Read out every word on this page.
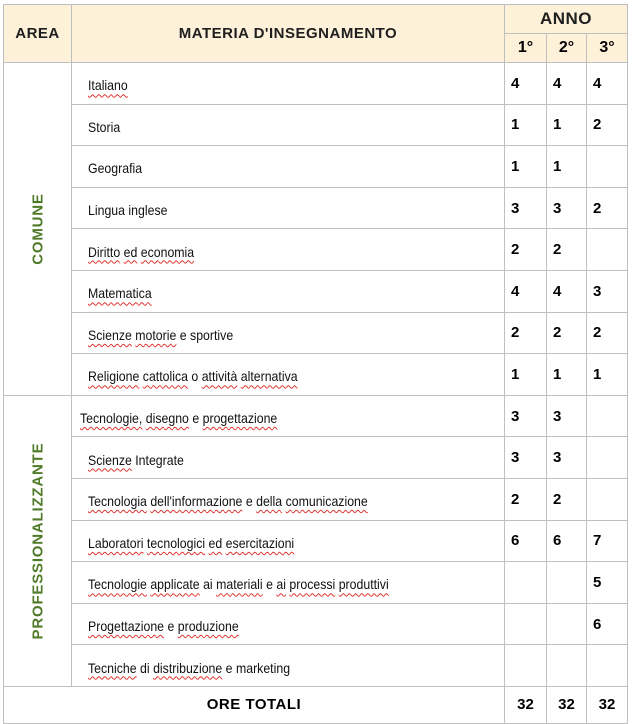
AREA	MATERIA D'INSEGNAMENTO	ANNO		
		1°	2°	3°

COMUNE	Italiano	4	4	4
	Storia	1	1	2
	Geografia	1	1	
	Lingua inglese	3	3	2
	Diritto ed economia	2	2	
	Matematica	4	4	3
	Scienze motorie e sportive	2	2	2
	Religione cattolica o attività alternativa	1	1	1

PROFESSIONALIZZANTE	Tecnologie, disegno e progettazione	3	3	
	Scienze Integrate	3	3	
	Tecnologia dell'informazione e della comunicazione	2	2	
	Laboratori tecnologici ed esercitazioni	6	6	7
	Tecnologie applicate ai materiali e ai processi produttivi			5
	Progettazione e produzione			6
	Tecniche di distribuzione e marketing			
ORE TOTALI		32	32	32
